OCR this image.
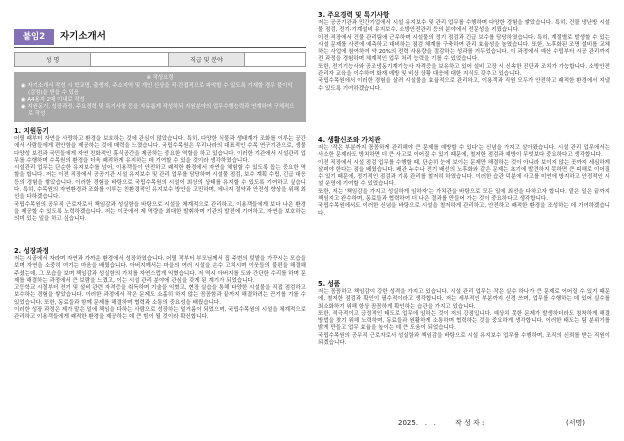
붙임2	자기소개서
성 명		직급 및 분야	
※ 작성요령
◉ 자기소개서 작성 시 학교명, 출생지, 주소지역 및 개인 신상을 직·간접적으로 파악할 수 있도록 기재할 경우 불이익(감점)을 받을 수 있음
◉ A4용지 2매 이내로 작성
◉ 지원동기, 성장과정, 주요경력 및 특기사항 등을 자유롭게 작성하되 지원분야의 업무수행능력과 연계하여 구체적으로 작성
1. 지원동기

어릴 때부터 자연을 사랑하고 환경을 보호하는 것에 관심이 많았습니다. 특히, 다양한 식물과 생태계가 조화를 이루는 공간에서 사람들에게 편안함을 제공하는 것에 매력을 느꼈습니다. 국립수목원은 우리나라의 대표적인 수목 연구기관으로, 생물다양성 보전과 국민들에게 자연 친화적인 휴식공간을 제공하는 중요한 역할을 하고 있습니다. 이러한 기관에서 시설관리 업무를 수행하며 수목원의 환경을 더욱 쾌적하게 유지하는 데 기여할 수 있을 것이라 생각하였습니다.

시설관리 업무는 단순한 유지보수를 넘어, 이용객들이 안전하고 쾌적한 환경에서 자연을 체험할 수 있도록 돕는 중요한 역할을 합니다. 저는 이전 직장에서 공공기관 시설 유지보수 및 관리 업무를 담당하며 시설물 점검, 보수 계획 수립, 긴급 대응 등의 경험을 쌓았습니다. 이러한 경험을 바탕으로 국립수목원의 시설이 최상의 상태를 유지할 수 있도록 기여하고 싶습니다. 특히, 수목원의 자연환경과 조화를 이루는 친환경적인 유지보수 방안을 고민하며, 에너지 절약과 안전성 향상을 위해 최선을 다하겠습니다.

국립수목원의 공무직 근로자로서 책임감과 성실함을 바탕으로 시설을 체계적으로 관리하고, 이용객들에게 보다 나은 환경을 제공할 수 있도록 노력하겠습니다. 저는 이곳에서 제 역량을 최대한 발휘하며 기관의 발전에 기여하고, 자연을 보호하는 의미 있는 일을 하고 싶습니다.

2. 성장과정

저는 시골에서 자라며 자연과 가까운 환경에서 성장하였습니다. 어릴 적부터 부모님께서 집 주변의 텃밭을 가꾸시는 모습을 보며 자연을 소중히 여기는 마음을 배웠습니다. 아버지께서는 마을의 여러 시설을 손수 고치시며 이웃들의 불편을 해결해 주셨는데, 그 모습을 보며 책임감과 성실함의 가치를 자연스럽게 익혔습니다. 저 역시 아버지를 도와 간단한 수리를 하며 문제를 해결하는 과정에서 큰 보람을 느꼈고, 이는 시설 관리 분야에 관심을 갖게 된 계기가 되었습니다.

고등학교 시절부터 전기 및 설비 관련 자격증을 취득하며 기술을 익혔고, 현장 실습을 통해 다양한 시설물을 직접 점검하고 보수하는 경험을 쌓았습니다. 이러한 과정에서 작은 문제도 소홀히 하지 않는 꼼꼼함과 끝까지 해결하려는 끈기를 기를 수 있었습니다. 또한, 동료들과 함께 문제를 해결하며 협력과 소통의 중요성을 배웠습니다.

이러한 성장 과정은 제가 맡은 일에 책임을 다하는 사람으로 성장하는 밑거름이 되었으며, 국립수목원의 시설을 체계적으로 관리하고 이용객들에게 쾌적한 환경을 제공하는 데 큰 힘이 될 것이라 확신합니다.

3. 주요경력 및 특기사항

저는 공공기관과 민간기업에서 시설 유지보수 및 관리 업무를 수행하며 다양한 경험을 쌓았습니다. 특히, 건물 냉난방 시설물 점검, 전기·기계설비 유지보수, 소방안전관리 등의 분야에서 전문성을 키웠습니다.

이전 직장에서 건물 관리팀에 근무하며 시설물의 정기 점검과 긴급 보수를 담당하였습니다. 특히, 계절별로 발생할 수 있는 시설 문제를 사전에 예측하고 대비하는 점검 체계를 구축하여 관리 효율성을 높였습니다. 또한, 노후화된 조명 설비를 교체하는 사업에 참여하여 약 20%의 전력 사용량을 절감하는 성과를 거두었습니다. 이 과정에서 예산 수립부터 시공 관리까지 전 과정을 경험하며 체계적인 업무 처리 능력을 기를 수 있었습니다.

또한, 전기기능사와 공조냉동기계기능사 자격증을 보유하고 있어 설비 고장 시 신속한 진단과 조치가 가능합니다. 소방안전관리자 교육을 이수하여 화재 예방 및 비상 상황 대응에 대한 지식도 갖추고 있습니다.

국립수목원에서 이러한 경험을 살려 시설물을 효율적으로 관리하고, 이용객과 직원 모두가 안전하고 쾌적한 환경에서 지낼 수 있도록 기여하겠습니다.

4. 생활신조와 가치관

저는 '작은 부분까지 꼼꼼하게 관리해야 큰 문제를 예방할 수 있다'는 신념을 가지고 살아왔습니다. 시설 관리 업무에서는 사소한 문제라도 방치하면 더 큰 사고로 이어질 수 있기 때문에, 철저한 점검과 예방이 무엇보다 중요하다고 생각합니다.

이전 직장에서 시설 점검 업무를 수행할 때, 단순히 눈에 보이는 문제만 해결하는 것이 아니라 보이지 않는 곳까지 세심하게 살펴야 한다는 점을 배웠습니다. 배관 누수나 전기 배선의 노후화와 같은 문제는 초기에 발견하지 못하면 큰 피해로 이어질 수 있기 때문에, 정기적인 점검과 기록 관리를 철저히 하였습니다. 이러한 습관 덕분에 사고를 미연에 방지하고 안정적인 시설 운영에 기여할 수 있었습니다.

또한, 저는 '책임감을 가지고 성실하게 임하자'는 가치관을 바탕으로 모든 일에 최선을 다하고자 합니다. 맡은 일은 끝까지 책임지고 완수하며, 동료들과 협력하여 더 나은 결과를 만들어 가는 것이 중요하다고 생각합니다.

국립수목원에서도 이러한 신념을 바탕으로 시설을 철저하게 관리하고, 안전하고 쾌적한 환경을 조성하는 데 기여하겠습니다.

5. 성품

저는 꼼꼼하고 책임감이 강한 성격을 가지고 있습니다. 시설 관리 업무는 작은 실수 하나가 큰 문제로 이어질 수 있기 때문에, 철저한 점검과 확인이 필수적이라고 생각합니다. 저는 세부적인 부분까지 신경 쓰며, 업무를 수행하는 데 있어 실수를 최소화하기 위해 항상 꼼꼼하게 확인하는 습관을 가지고 있습니다.

또한, 적극적이고 긍정적인 태도로 업무에 임하는 것이 저의 강점입니다. 예상치 못한 문제가 발생하더라도 침착하게 해결 방법을 찾기 위해 노력하며, 동료들과 원활하게 소통하며 협력하는 것을 중요하게 생각합니다. 이러한 태도는 팀 분위기를 밝게 만들고 업무 효율을 높이는 데 큰 도움이 되었습니다.

국립수목원의 공무직 근로자로서 성실함과 책임감을 바탕으로 시설 유지보수 업무를 수행하며, 조직의 신뢰를 받는 직원이 되겠습니다.

2025.   .   .	작 성 자 :	(서명)
